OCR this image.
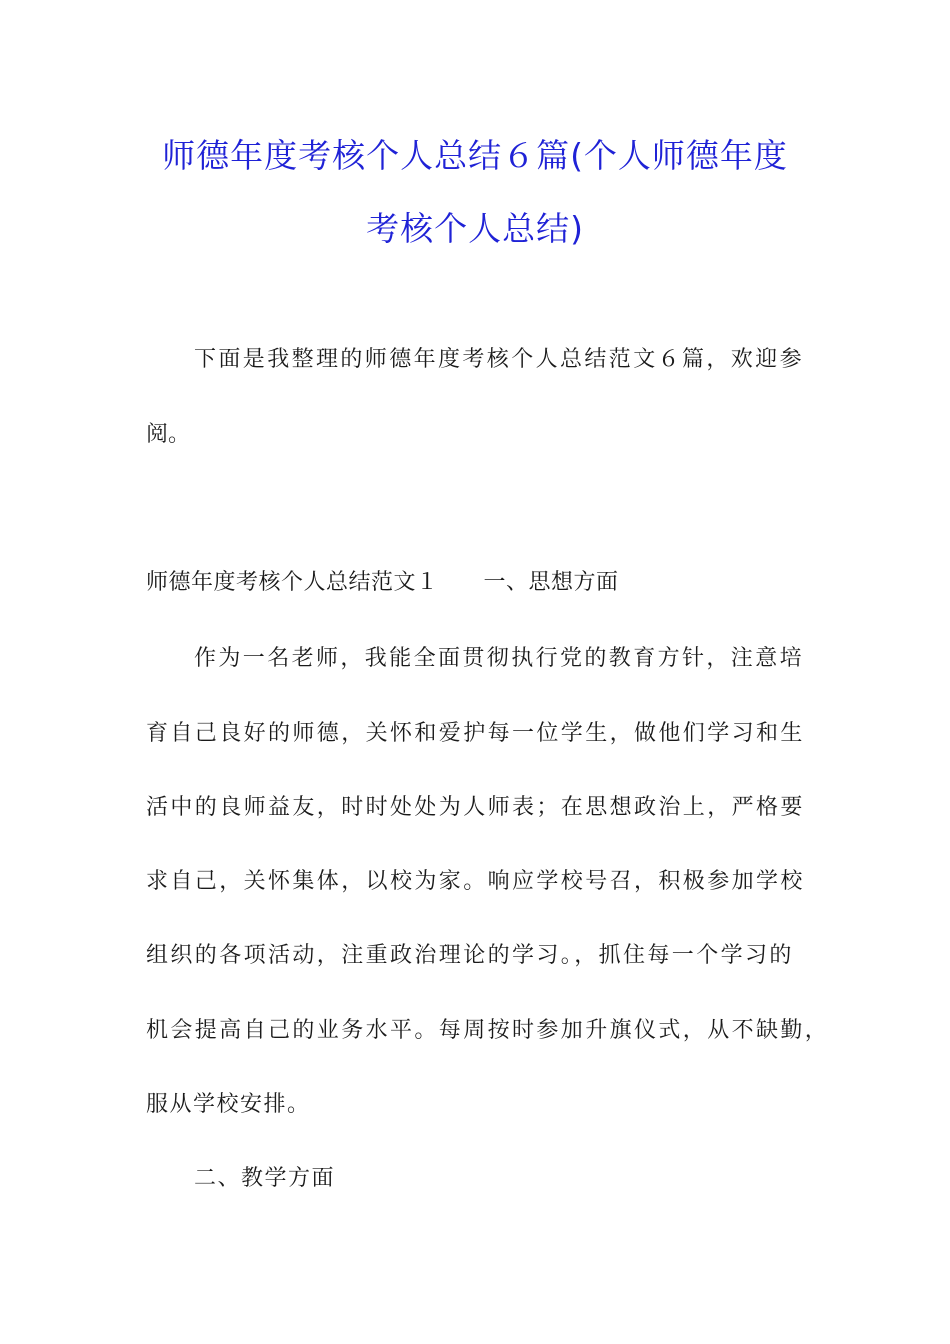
师德年度考核个人总结６篇(个人师德年度
考核个人总结)
下面是我整理的师德年度考核个人总结范文６篇，欢迎参
阅。
师德年度考核个人总结范文１　　一、思想方面
作为一名老师，我能全面贯彻执行党的教育方针，注意培
育自己良好的师德，关怀和爱护每一位学生，做他们学习和生
活中的良师益友，时时处处为人师表；在思想政治上，严格要
求自己，关怀集体，以校为家。响应学校号召，积极参加学校
组织的各项活动，注重政治理论的学习。，抓住每一个学习的
机会提高自己的业务水平。每周按时参加升旗仪式，从不缺勤，
服从学校安排。
二、教学方面
